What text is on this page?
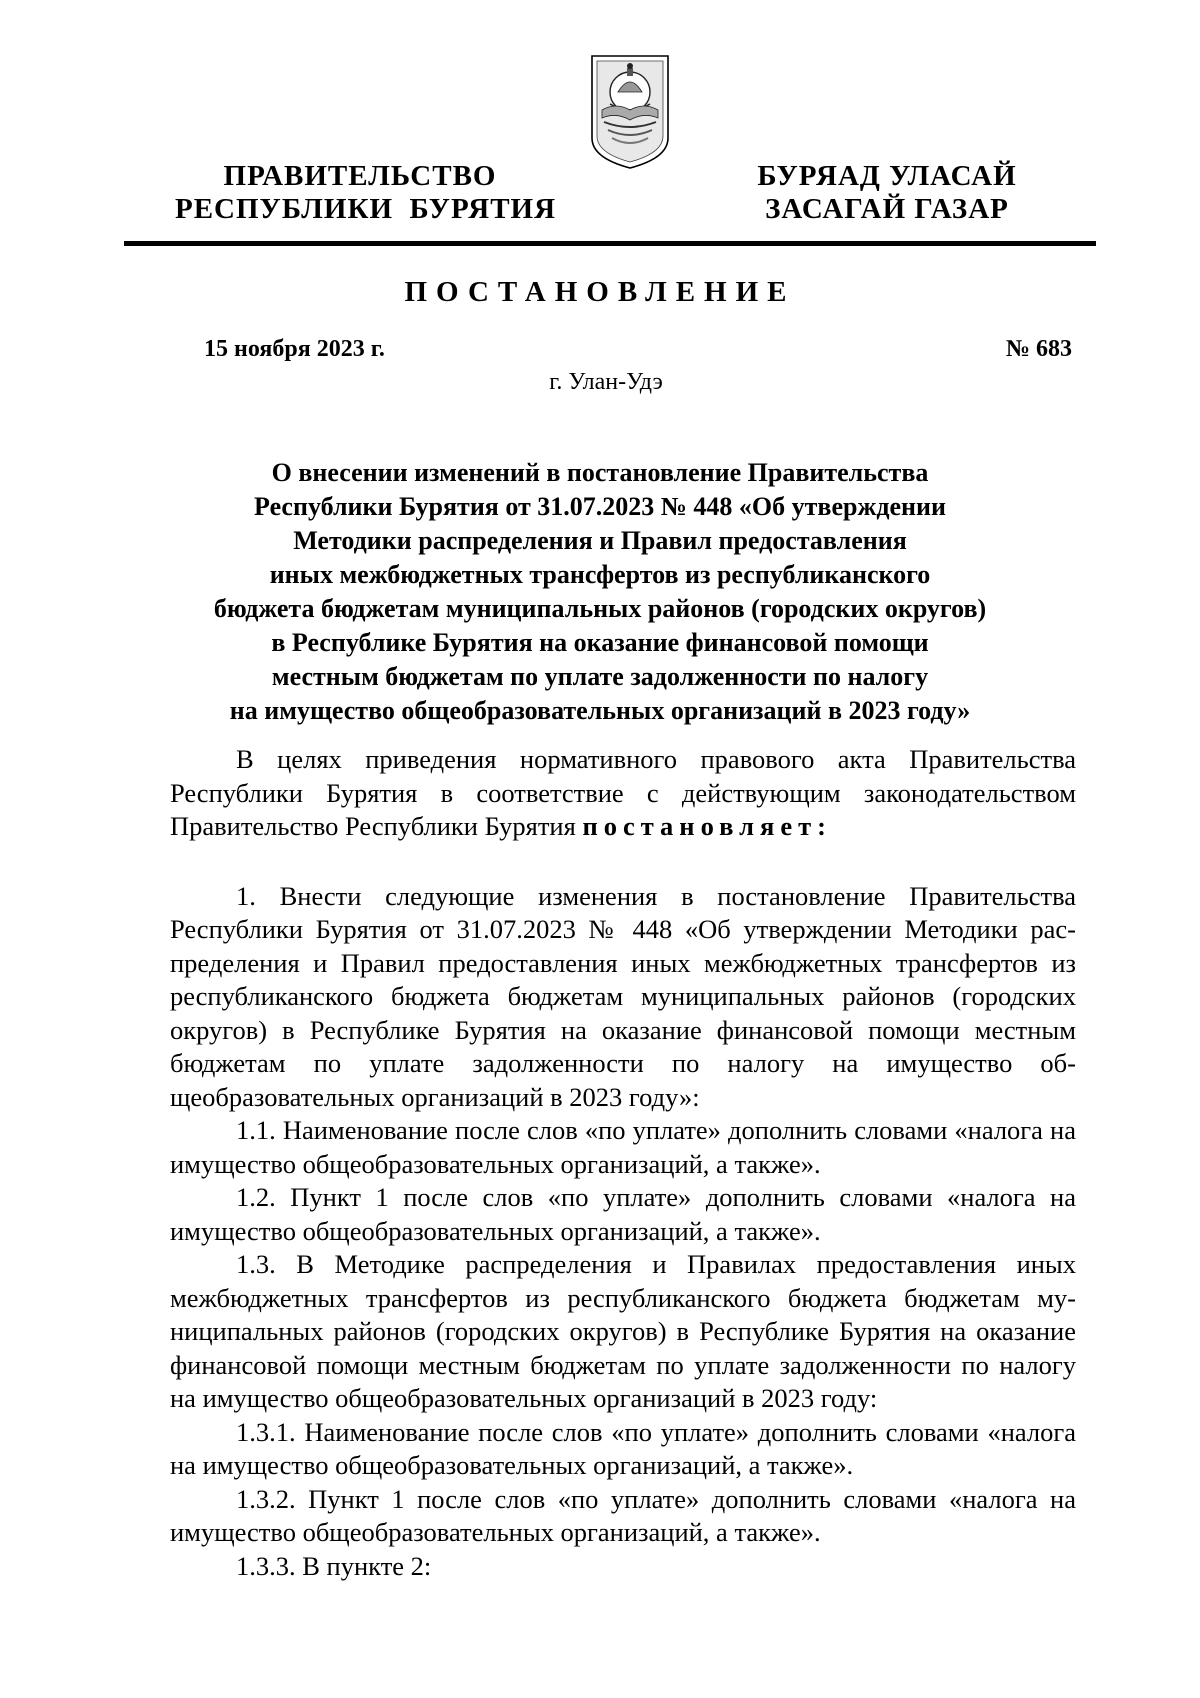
ПРАВИТЕЛЬСТВО
РЕСПУБЛИКИ  БУРЯТИЯ
БУРЯАД УЛАСАЙ
ЗАСАГАЙ ГАЗАР
ПОСТАНОВЛЕНИЕ
15 ноября 2023 г.	№ 683
г. Улан-Удэ
О внесении изменений в постановление Правительства
Республики Бурятия от 31.07.2023 № 448 «Об утверждении
Методики распределения и Правил предоставления
иных межбюджетных трансфертов из республиканского
бюджета бюджетам муниципальных районов (городских округов)
в Республике Бурятия на оказание финансовой помощи
местным бюджетам по уплате задолженности по налогу
на имущество общеобразовательных организаций в 2023 году»

В целях приведения нормативного правового акта Правительства Республики Бурятия в соответствие с действующим законодательством Правительство Республики Бурятия постановляет:

1. Внести следующие изменения в постановление Правительства Республики Бурятия от 31.07.2023 № 448 «Об утверждении Методики распределения и Правил предоставления иных межбюджетных трансфертов из республиканского бюджета бюджетам муниципальных районов (городских округов) в Республике Бурятия на оказание финансовой помощи местным бюджетам по уплате задолженности по налогу на имущество общеобразовательных организаций в 2023 году»:

1.1. Наименование после слов «по уплате» дополнить словами «налога на имущество общеобразовательных организаций, а также».

1.2. Пункт 1 после слов «по уплате» дополнить словами «налога на имущество общеобразовательных организаций, а также».

1.3. В Методике распределения и Правилах предоставления иных межбюджетных трансфертов из республиканского бюджета бюджетам муниципальных районов (городских округов) в Республике Бурятия на оказание финансовой помощи местным бюджетам по уплате задолженности по налогу на имущество общеобразовательных организаций в 2023 году:

1.3.1. Наименование после слов «по уплате» дополнить словами «налога на имущество общеобразовательных организаций, а также».

1.3.2. Пункт 1 после слов «по уплате» дополнить словами «налога на имущество общеобразовательных организаций, а также».

1.3.3. В пункте 2:
